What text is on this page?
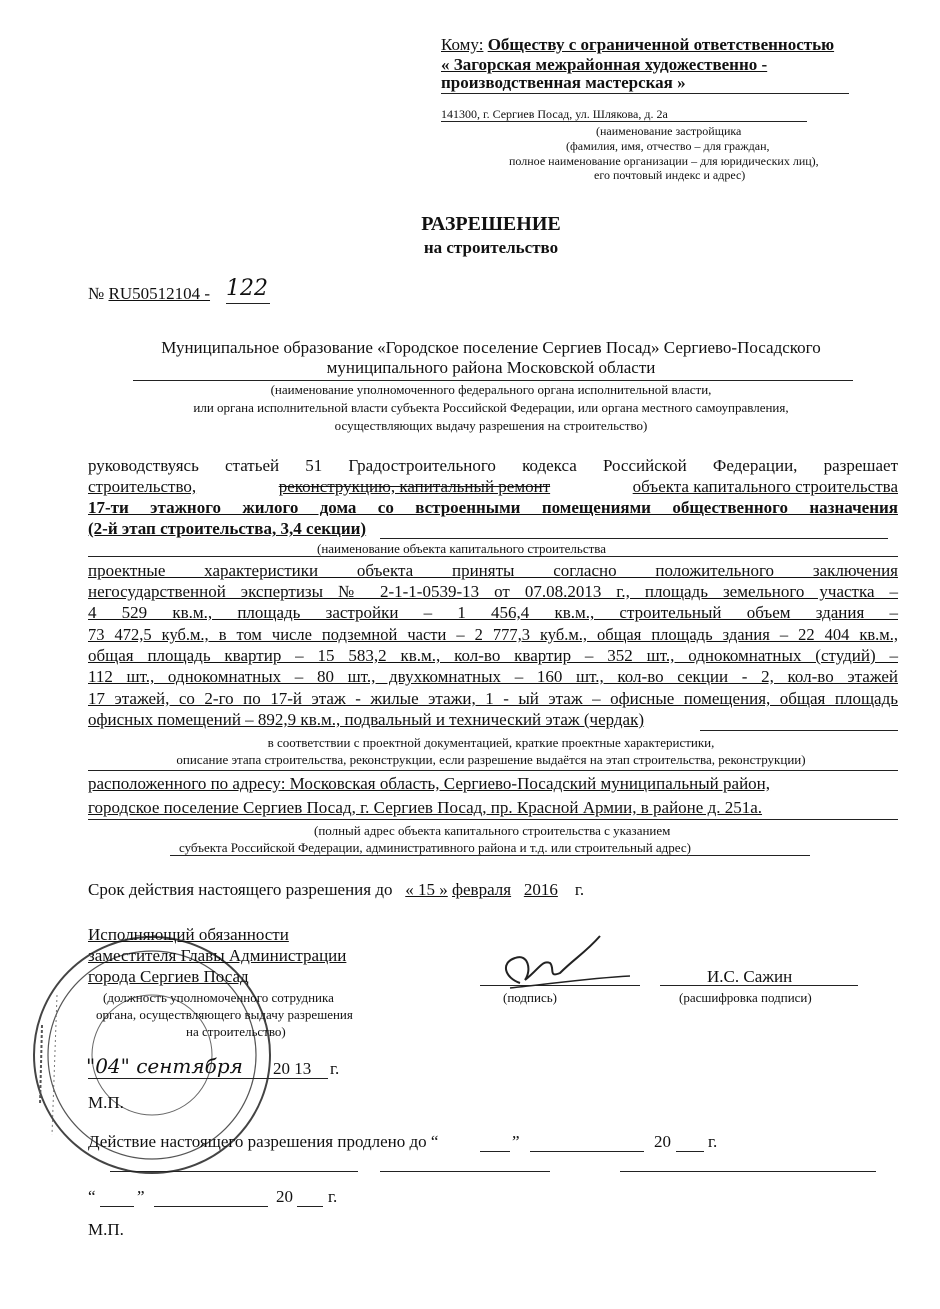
Кому: Обществу с ограниченной ответственностью
« Загорская межрайонная художественно -
производственная мастерская »
141300, г. Сергиев Посад, ул. Шлякова, д. 2а
(наименование застройщика
(фамилия, имя, отчество – для граждан,
полное наименование организации – для юридических лиц),
его почтовый индекс и адрес)
РАЗРЕШЕНИЕ
на строительство
№ RU50512104 - 122
Муниципальное образование «Городское поселение Сергиев Посад» Сергиево-Посадского
муниципального района Московской области
(наименование уполномоченного федерального органа исполнительной власти,
или органа исполнительной власти субъекта Российской Федерации, или органа местного самоуправления,
осуществляющих выдачу разрешения на строительство)
руководствуясь статьей 51 Градостроительного кодекса Российской Федерации, разрешает
строительство,	реконструкцию, капитальный ремонт	объекта капитального строительства
17-ти этажного жилого дома со встроенными помещениями общественного назначения
(2-й этап строительства, 3,4 секции)
(наименование объекта капитального строительства
проектные характеристики объекта приняты согласно положительного заключения
негосударственной экспертизы № 2-1-1-0539-13 от 07.08.2013 г., площадь земельного участка –
4 529 кв.м., площадь застройки – 1 456,4 кв.м., строительный объем здания –
73 472,5 куб.м., в том числе подземной части – 2 777,3 куб.м., общая площадь здания – 22 404 кв.м.,
общая площадь квартир – 15 583,2 кв.м., кол-во квартир – 352 шт., однокомнатных (студий) –
112 шт., однокомнатных – 80 шт., двухкомнатных – 160 шт., кол-во секции - 2, кол-во этажей
17 этажей, со 2-го по 17-й этаж - жилые этажи, 1 - ый этаж – офисные помещения, общая площадь
офисных помещений – 892,9 кв.м., подвальный и технический этаж (чердак)
в соответствии с проектной документацией, краткие проектные характеристики,
описание этапа строительства, реконструкции, если разрешение выдаётся на этап строительства, реконструкции)
расположенного по адресу: Московская область, Сергиево-Посадский муниципальный район,
городское поселение Сергиев Посад, г. Сергиев Посад, пр. Красной Армии, в районе д. 251а.
(полный адрес объекта капитального строительства с указанием
субъекта Российской Федерации, административного района и т.д. или строительный адрес)
Срок действия настоящего разрешения до « 15 » февраля 2016 г.
Исполняющий обязанности
заместителя Главы Администрации
города Сергиев Посад
(должность уполномоченного сотрудника
органа, осуществляющего выдачу разрешения
на строительство)
(подпись)
И.С. Сажин
(расшифровка подписи)
"04" сентября 20 13 г.
М.П.
Действие настоящего разрешения продлено до “	”	20 г.
“ ”	20 г.
М.П.
